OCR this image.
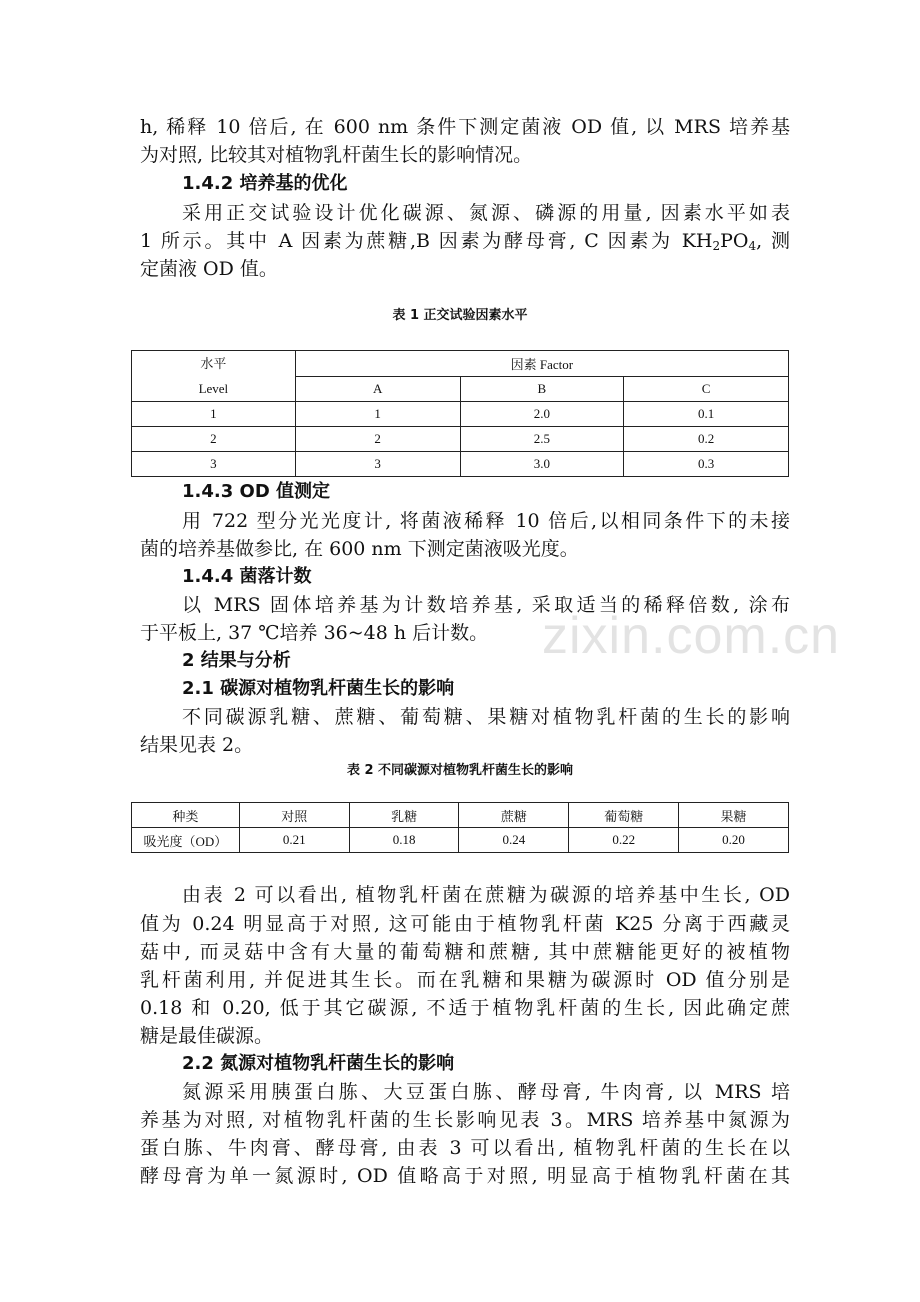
h, 稀释 10 倍后, 在 600 nm 条件下测定菌液 OD 值, 以 MRS 培养基
为对照, 比较其对植物乳杆菌生长的影响情况。
1.4.2 培养基的优化
采用正交试验设计优化碳源、氮源、磷源的用量, 因素水平如表
1 所示。其中 A 因素为蔗糖,B 因素为酵母膏, C 因素为 $KH_2PO_4$, 测
定菌液 OD 值。
表 1 正交试验因素水平
水平
Level	因素 Factor		
	A	B	C
1	1	2.0	0.1
2	2	2.5	0.2
3	3	3.0	0.3
1.4.3 OD 值测定
用 722 型分光光度计, 将菌液稀释 10 倍后,以相同条件下的未接
菌的培养基做参比, 在 600 nm 下测定菌液吸光度。
1.4.4 菌落计数
以 MRS 固体培养基为计数培养基, 采取适当的稀释倍数, 涂布
于平板上, 37 ℃培养 36~48 h 后计数。
2 结果与分析
2.1 碳源对植物乳杆菌生长的影响
不同碳源乳糖、蔗糖、葡萄糖、果糖对植物乳杆菌的生长的影响
结果见表 2。
表 2 不同碳源对植物乳杆菌生长的影响
种类	对照	乳糖	蔗糖	葡萄糖	果糖
吸光度（OD）	0.21	0.18	0.24	0.22	0.20
由表 2 可以看出, 植物乳杆菌在蔗糖为碳源的培养基中生长, OD
值为 0.24 明显高于对照, 这可能由于植物乳杆菌 K25 分离于西藏灵
菇中, 而灵菇中含有大量的葡萄糖和蔗糖, 其中蔗糖能更好的被植物
乳杆菌利用, 并促进其生长。而在乳糖和果糖为碳源时 OD 值分别是
0.18 和 0.20, 低于其它碳源, 不适于植物乳杆菌的生长, 因此确定蔗
糖是最佳碳源。
2.2 氮源对植物乳杆菌生长的影响
氮源采用胰蛋白胨、大豆蛋白胨、酵母膏, 牛肉膏, 以 MRS 培
养基为对照, 对植物乳杆菌的生长影响见表 3。MRS 培养基中氮源为
蛋白胨、牛肉膏、酵母膏, 由表 3 可以看出, 植物乳杆菌的生长在以
酵母膏为单一氮源时, OD 值略高于对照, 明显高于植物乳杆菌在其
zixin.com.cn
